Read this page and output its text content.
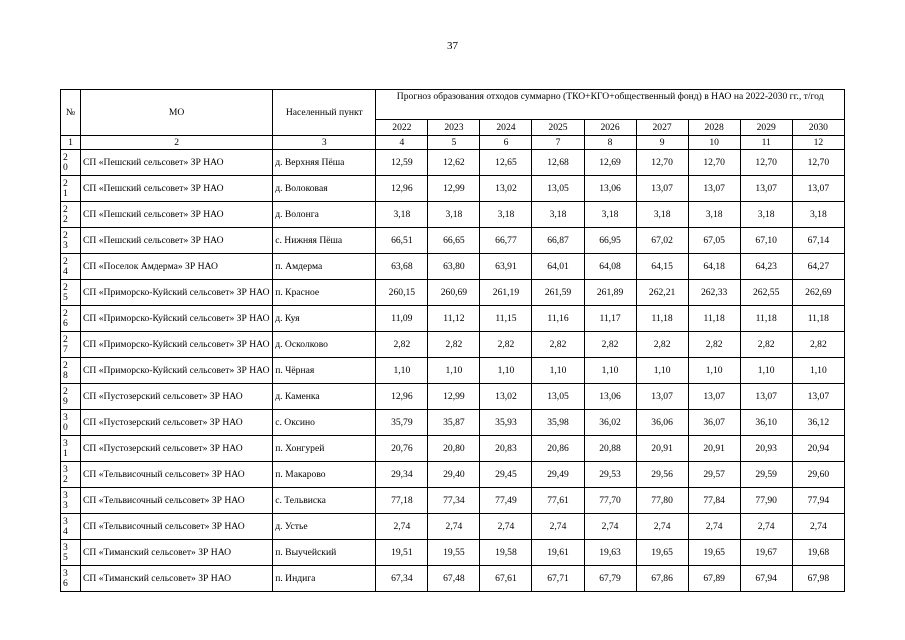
37
№	МО	Населенный пункт	Прогноз образования отходов суммарно (ТКО+КГО+общественный фонд) в НАО на 2022-2030 гг., т/год								
			2022	2023	2024	2025	2026	2027	2028	2029	2030
1	2	3	4	5	6	7	8	9	10	11	12

20	СП «Пешский сельсовет» ЗР НАО	д. Верхняя Пёша	12,59	12,62	12,65	12,68	12,69	12,70	12,70	12,70	12,70

21	СП «Пешский сельсовет» ЗР НАО	д. Волоковая	12,96	12,99	13,02	13,05	13,06	13,07	13,07	13,07	13,07

22	СП «Пешский сельсовет» ЗР НАО	д. Волонга	3,18	3,18	3,18	3,18	3,18	3,18	3,18	3,18	3,18

23	СП «Пешский сельсовет» ЗР НАО	с. Нижняя Пёша	66,51	66,65	66,77	66,87	66,95	67,02	67,05	67,10	67,14

24	СП «Поселок Амдерма» ЗР НАО	п. Амдерма	63,68	63,80	63,91	64,01	64,08	64,15	64,18	64,23	64,27

25	СП «Приморско-Куйский сельсовет» ЗР НАО	п. Красное	260,15	260,69	261,19	261,59	261,89	262,21	262,33	262,55	262,69

26	СП «Приморско-Куйский сельсовет» ЗР НАО	д. Куя	11,09	11,12	11,15	11,16	11,17	11,18	11,18	11,18	11,18

27	СП «Приморско-Куйский сельсовет» ЗР НАО	д. Осколково	2,82	2,82	2,82	2,82	2,82	2,82	2,82	2,82	2,82

28	СП «Приморско-Куйский сельсовет» ЗР НАО	п. Чёрная	1,10	1,10	1,10	1,10	1,10	1,10	1,10	1,10	1,10

29	СП «Пустозерский сельсовет» ЗР НАО	д. Каменка	12,96	12,99	13,02	13,05	13,06	13,07	13,07	13,07	13,07

30	СП «Пустозерский сельсовет» ЗР НАО	с. Оксино	35,79	35,87	35,93	35,98	36,02	36,06	36,07	36,10	36,12

31	СП «Пустозерский сельсовет» ЗР НАО	п. Хонгурей	20,76	20,80	20,83	20,86	20,88	20,91	20,91	20,93	20,94

32	СП «Тельвисочный сельсовет» ЗР НАО	п. Макарово	29,34	29,40	29,45	29,49	29,53	29,56	29,57	29,59	29,60

33	СП «Тельвисочный сельсовет» ЗР НАО	с. Тельвиска	77,18	77,34	77,49	77,61	77,70	77,80	77,84	77,90	77,94

34	СП «Тельвисочный сельсовет» ЗР НАО	д. Устье	2,74	2,74	2,74	2,74	2,74	2,74	2,74	2,74	2,74

35	СП «Тиманский сельсовет» ЗР НАО	п. Выучейский	19,51	19,55	19,58	19,61	19,63	19,65	19,65	19,67	19,68

36	СП «Тиманский сельсовет» ЗР НАО	п. Индига	67,34	67,48	67,61	67,71	67,79	67,86	67,89	67,94	67,98
